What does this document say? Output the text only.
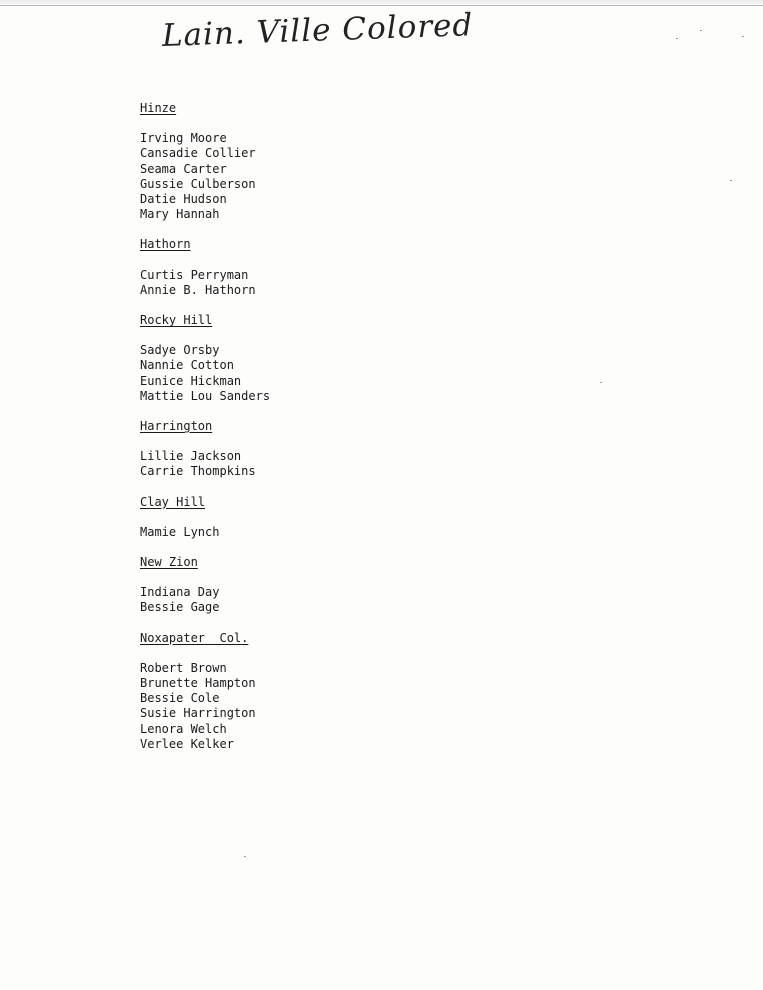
Lain. Ville Colored
Hinze
Irving Moore
Cansadie Collier
Seama Carter
Gussie Culberson
Datie Hudson
Mary Hannah
Hathorn
Curtis Perryman
Annie B. Hathorn
Rocky Hill
Sadye Orsby
Nannie Cotton
Eunice Hickman
Mattie Lou Sanders
Harrington
Lillie Jackson
Carrie Thompkins
Clay Hill
Mamie Lynch
New Zion
Indiana Day
Bessie Gage
Noxapater  Col.
Robert Brown
Brunette Hampton
Bessie Cole
Susie Harrington
Lenora Welch
Verlee Kelker
